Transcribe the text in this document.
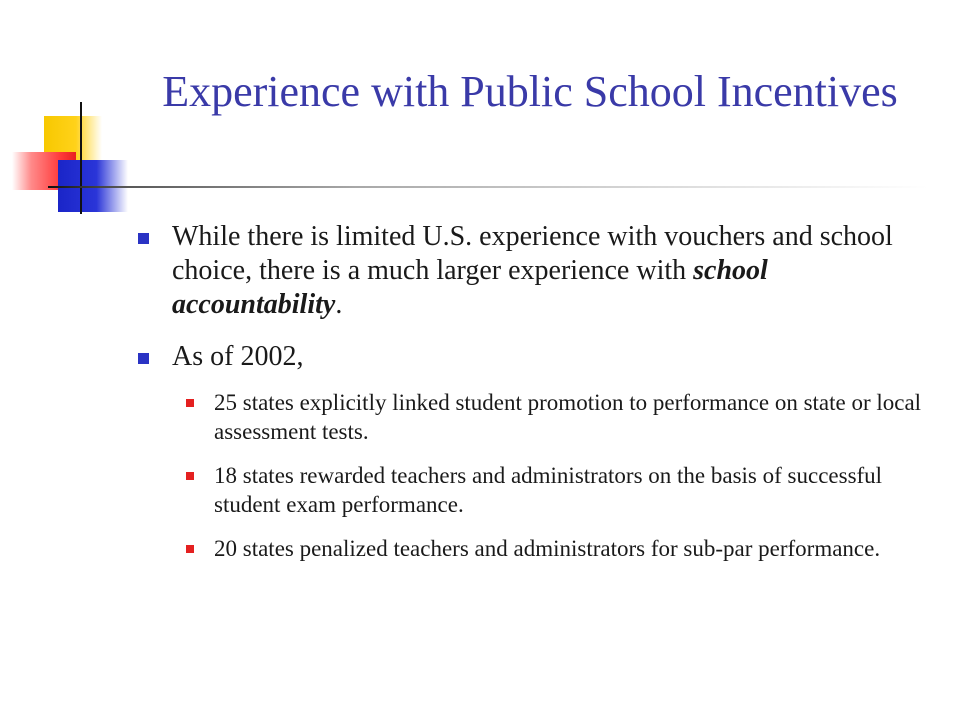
Experience with Public School Incentives
While there is limited U.S. experience with vouchers and school choice, there is a much larger experience with school accountability.
As of 2002,
25 states explicitly linked student promotion to performance on state or local assessment tests.
18 states rewarded teachers and administrators on the basis of successful student exam performance.
20 states penalized teachers and administrators for sub-par performance.
